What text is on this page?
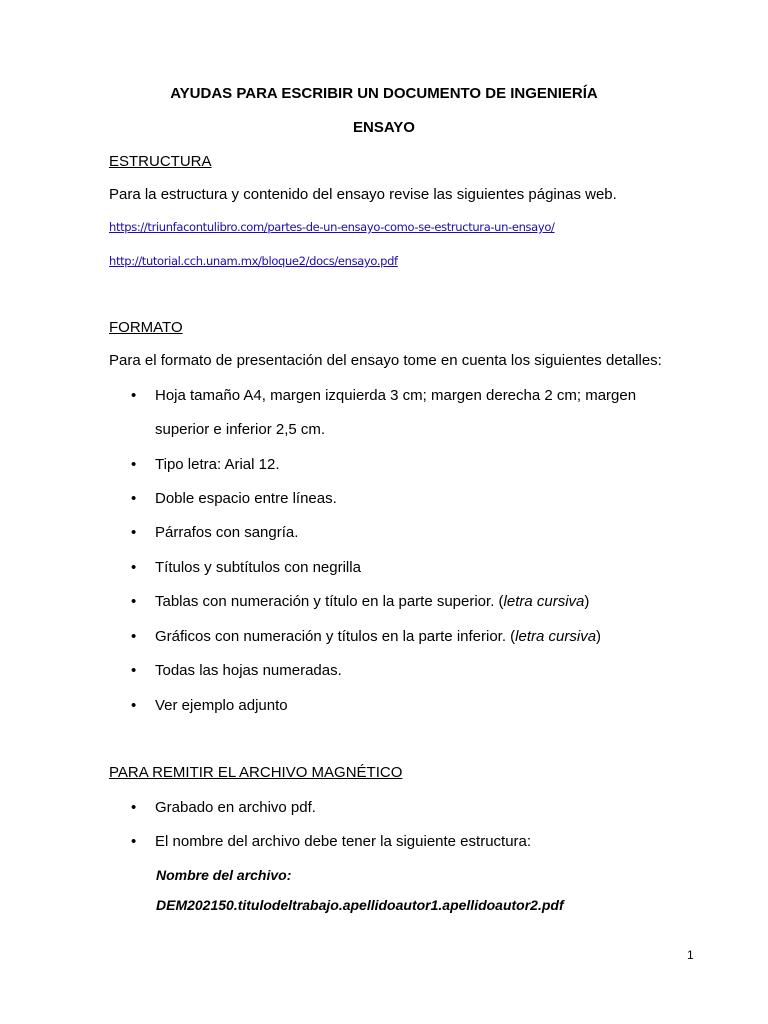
AYUDAS PARA ESCRIBIR UN DOCUMENTO DE INGENIERÍA
ENSAYO
ESTRUCTURA
Para la estructura y contenido del ensayo revise las siguientes páginas web.
https://triunfacontulibro.com/partes-de-un-ensayo-como-se-estructura-un-ensayo/
http://tutorial.cch.unam.mx/bloque2/docs/ensayo.pdf
FORMATO
Para el formato de presentación del ensayo tome en cuenta los siguientes detalles:
• Hoja tamaño A4, margen izquierda 3 cm; margen derecha 2 cm; margen
superior e inferior 2,5 cm.
• Tipo letra: Arial 12.
• Doble espacio entre líneas.
• Párrafos con sangría.
• Títulos y subtítulos con negrilla
• Tablas con numeración y título en la parte superior. (letra cursiva)
• Gráficos con numeración y títulos en la parte inferior. (letra cursiva)
• Todas las hojas numeradas.
• Ver ejemplo adjunto
PARA REMITIR EL ARCHIVO MAGNÉTICO
• Grabado en archivo pdf.
• El nombre del archivo debe tener la siguiente estructura:
Nombre del archivo:
DEM202150.titulodeltrabajo.apellidoautor1.apellidoautor2.pdf
1
